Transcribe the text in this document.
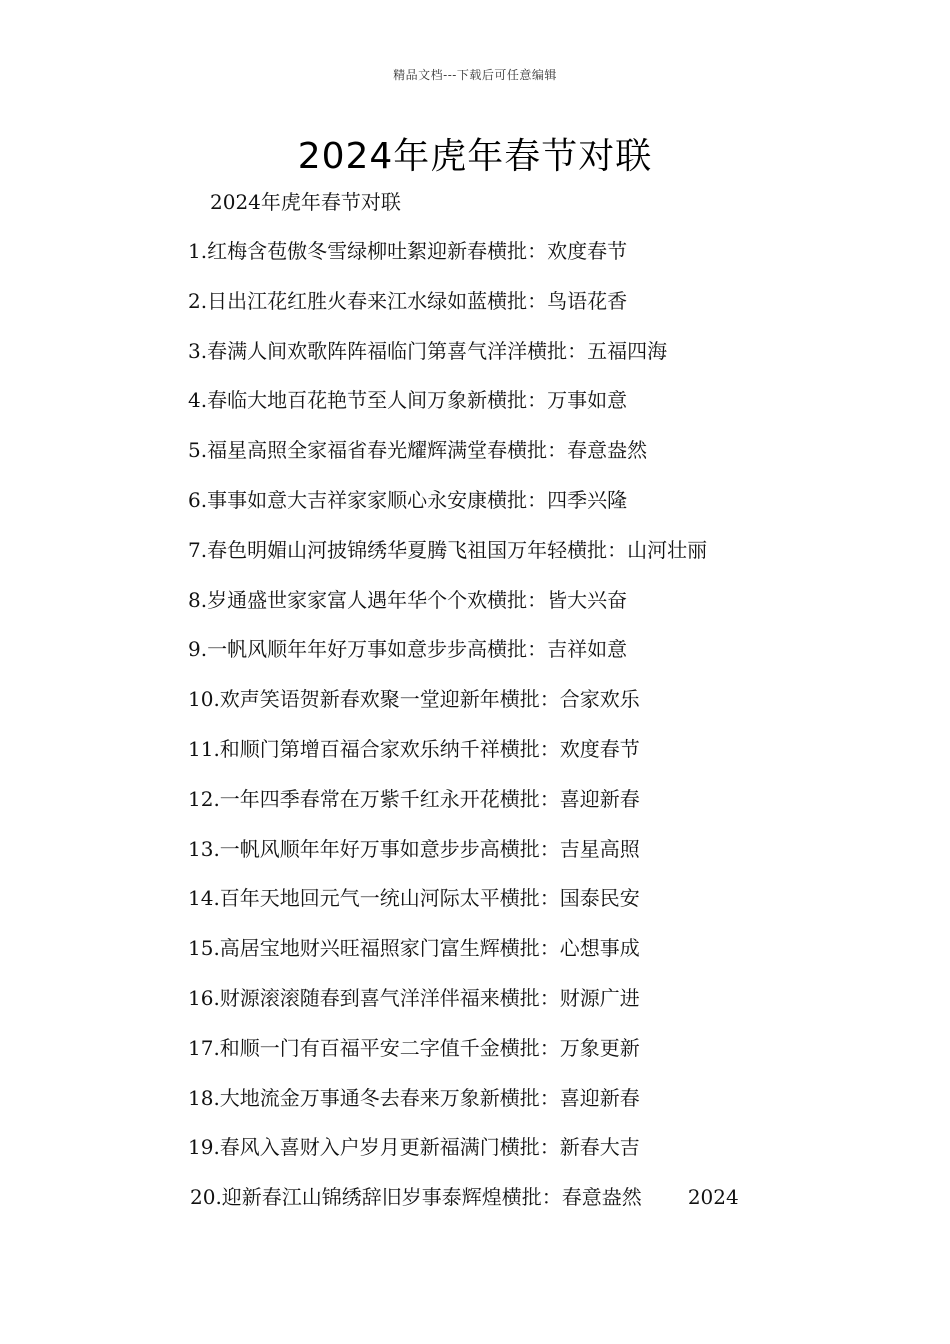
精品文档---下载后可任意编辑
2024年虎年春节对联
2024年虎年春节对联
1.红梅含苞傲冬雪绿柳吐絮迎新春横批：欢度春节
2.日出江花红胜火春来江水绿如蓝横批：鸟语花香
3.春满人间欢歌阵阵福临门第喜气洋洋横批：五福四海
4.春临大地百花艳节至人间万象新横批：万事如意
5.福星高照全家福省春光耀辉满堂春横批：春意盎然
6.事事如意大吉祥家家顺心永安康横批：四季兴隆
7.春色明媚山河披锦绣华夏腾飞祖国万年轻横批：山河壮丽
8.岁通盛世家家富人遇年华个个欢横批：皆大兴奋
9.一帆风顺年年好万事如意步步高横批：吉祥如意
10.欢声笑语贺新春欢聚一堂迎新年横批：合家欢乐
11.和顺门第增百福合家欢乐纳千祥横批：欢度春节
12.一年四季春常在万紫千红永开花横批：喜迎新春
13.一帆风顺年年好万事如意步步高横批：吉星高照
14.百年天地回元气一统山河际太平横批：国泰民安
15.高居宝地财兴旺福照家门富生辉横批：心想事成
16.财源滚滚随春到喜气洋洋伴福来横批：财源广进
17.和顺一门有百福平安二字值千金横批：万象更新
18.大地流金万事通冬去春来万象新横批：喜迎新春
19.春风入喜财入户岁月更新福满门横批：新春大吉
20.迎新春江山锦绣辞旧岁事泰辉煌横批：春意盎然 2024
